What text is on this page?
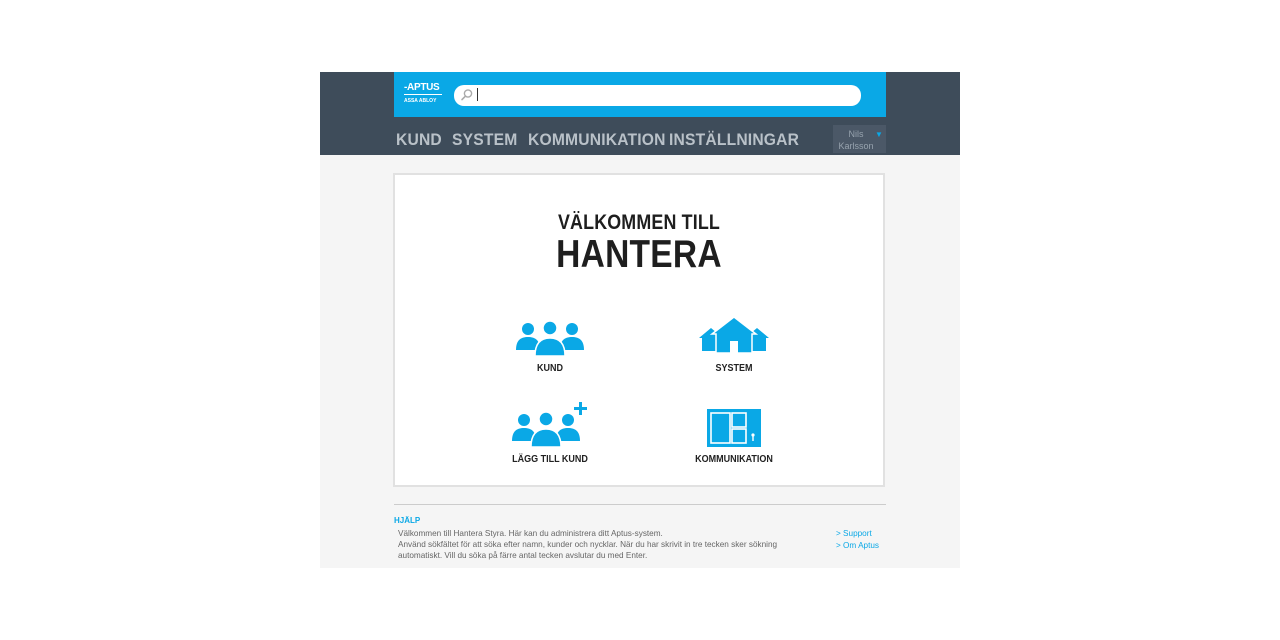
-APTUS
ASSA ABLOY
KUND SYSTEM KOMMUNIKATION INSTÄLLNINGAR	Nils
Karlsson
▼
VÄLKOMMEN TILL
HANTERA
KUND	SYSTEM
LÄGG TILL KUND	KOMMUNIKATION
HJÄLP
Välkommen till Hantera Styra. Här kan du administrera ditt Aptus-system.
Använd sökfältet för att söka efter namn, kunder och nycklar. När du har skrivit in tre tecken sker sökning
automatiskt. Vill du söka på färre antal tecken avslutar du med Enter.
> Support
> Om Aptus
